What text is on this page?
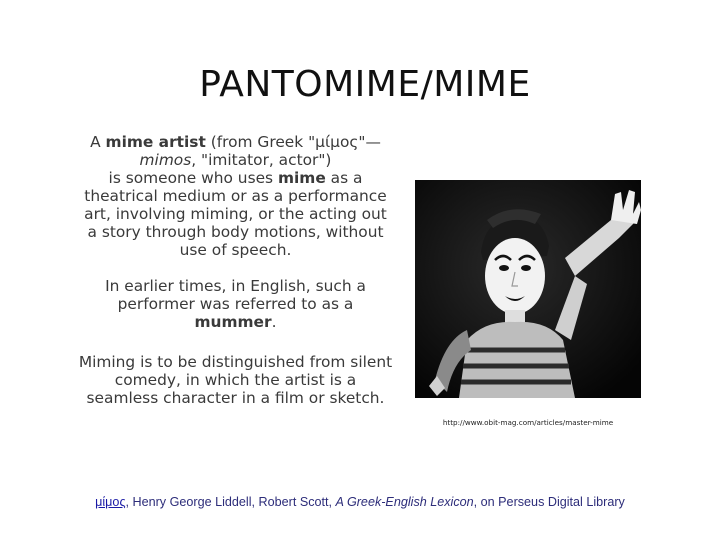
PANTOMIME/MIME

A mime artist (from Greek "μίμος"—
mimos, "imitator, actor")
is someone who uses mime as a theatrical medium or as a performance art, involving miming, or the acting out a story through body motions, without use of speech.

In earlier times, in English, such a performer was referred to as a mummer.

Miming is to be distinguished from silent comedy, in which the artist is a seamless character in a film or sketch.

http://www.obit-mag.com/articles/master-mime
μίμος, Henry George Liddell, Robert Scott, A Greek-English Lexicon, on Perseus Digital Library
